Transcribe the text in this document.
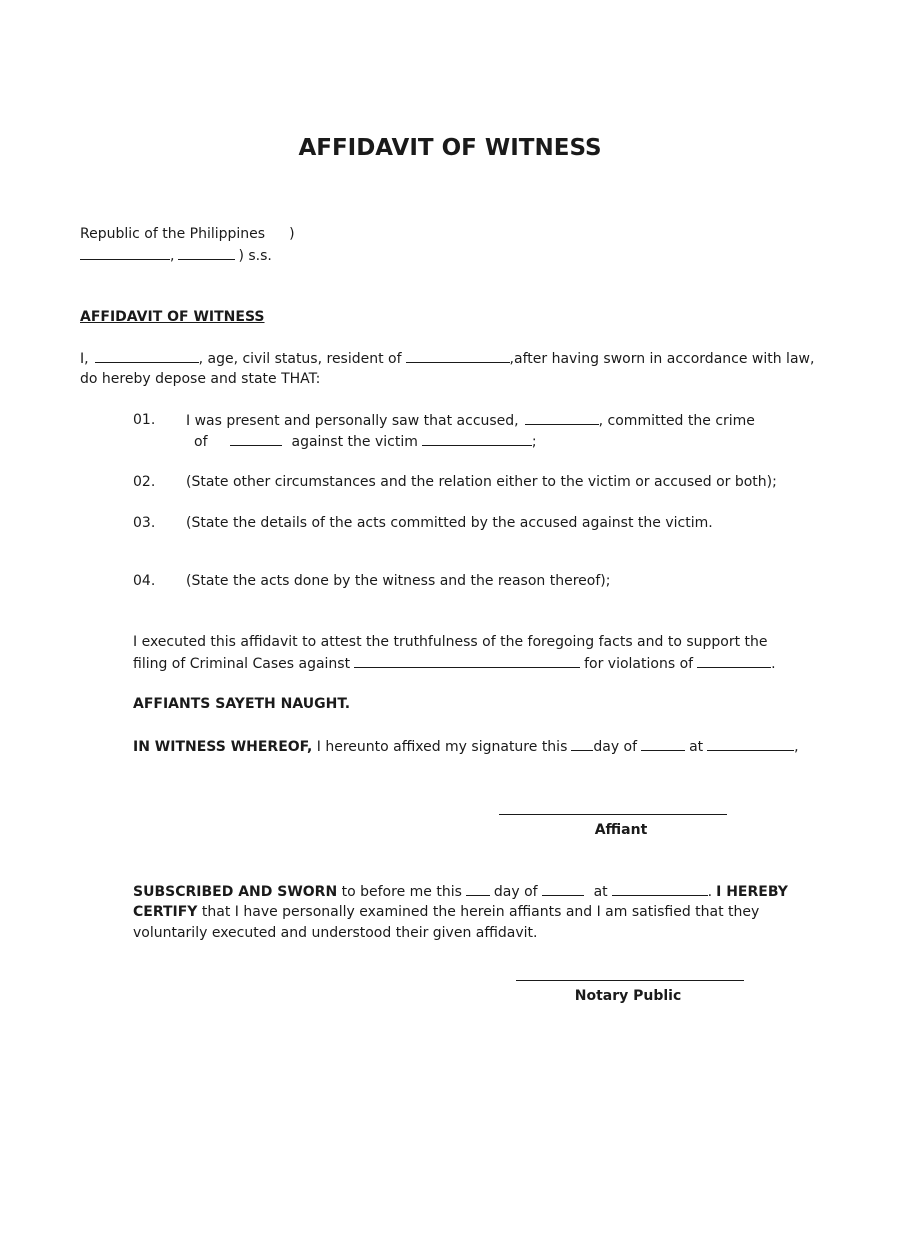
AFFIDAVIT OF WITNESS
Republic of the Philippines )
,	) s.s.
AFFIDAVIT OF WITNESS
I,	, age, civil status, resident of	,after having sworn in accordance with law,
do hereby depose and state THAT:
01. I was present and personally saw that accused,	, committed the crime
of	against the victim	;
02. (State other circumstances and the relation either to the victim or accused or both);
03. (State the details of the acts committed by the accused against the victim.
04. (State the acts done by the witness and the reason thereof);
I executed this affidavit to attest the truthfulness of the foregoing facts and to support the
filing of Criminal Cases against	for violations of	.
AFFIANTS SAYETH NAUGHT.
IN WITNESS WHEREOF, I hereunto affixed my signature this day of	at	,
Affiant
SUBSCRIBED AND SWORN to before me this day of	at	. I HEREBY
CERTIFY that I have personally examined the herein affiants and I am satisfied that they
voluntarily executed and understood their given affidavit.
Notary Public
